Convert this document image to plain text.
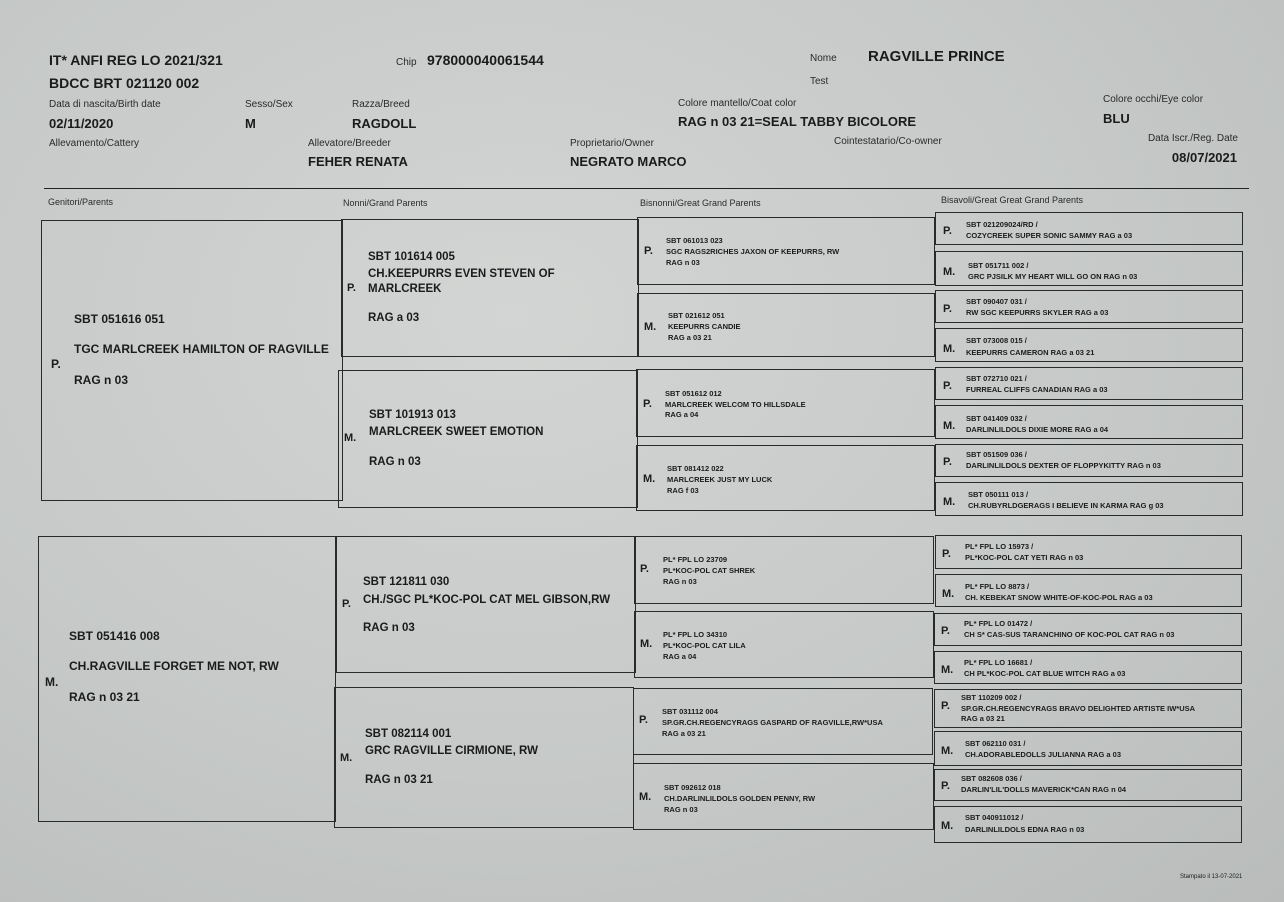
IT* ANFI REG LO 2021/321
BDCC BRT 021120 002
Chip 978000040061544	Nome RAGVILLE PRINCE
Test
Data di nascita/Birth date
02/11/2020
Sesso/Sex
M
Razza/Breed
RAGDOLL
Colore mantello/Coat color
RAG n 03 21=SEAL TABBY BICOLORE
Colore occhi/Eye color
BLU
Allevamento/Cattery	Allevatore/Breeder
FEHER RENATA
Proprietario/Owner
NEGRATO MARCO
Cointestatario/Co-owner	Data Iscr./Reg. Date
08/07/2021
Genitori/Parents	Nonni/Grand Parents	Bisnonni/Great Grand Parents	Bisavoli/Great Great Grand Parents
SBT 051616 051
TGC MARLCREEK HAMILTON OF RAGVILLE
P.
RAG n 03
SBT 051416 008
CH.RAGVILLE FORGET ME NOT, RW
M.
RAG n 03 21
SBT 101614 005
CH.KEEPURRS EVEN STEVEN OF
P. MARLCREEK
RAG a 03
SBT 101913 013
MARLCREEK SWEET EMOTION
M.
RAG n 03
SBT 121811 030
CH./SGC PL*KOC-POL CAT MEL GIBSON,RW
P.
RAG n 03
SBT 082114 001
GRC RAGVILLE CIRMIONE, RW
M.
RAG n 03 21
P.
SBT 061013 023
SGC RAGS2RICHES JAXON OF KEEPURRS, RW
RAG n 03
M.
SBT 021612 051
KEEPURRS CANDIE
RAG a 03 21
P.
SBT 051612 012
MARLCREEK WELCOM TO HILLSDALE
RAG a 04
M.
SBT 081412 022
MARLCREEK JUST MY LUCK
RAG f 03
P.
PL* FPL LO 23709
PL*KOC-POL CAT SHREK
RAG n 03
M.
PL* FPL LO 34310
PL*KOC-POL CAT LILA
RAG a 04
P.
SBT 031112 004
SP.GR.CH.REGENCYRAGS GASPARD OF RAGVILLE,RW*USA
RAG a 03 21
M.
SBT 092612 018
CH.DARLINLILDOLS GOLDEN PENNY, RW
RAG n 03
P.
SBT 021209024/RD /
COZYCREEK SUPER SONIC SAMMY RAG a 03
M.
SBT 051711 002 /
GRC PJSILK MY HEART WILL GO ON RAG n 03
P.
SBT 090407 031 /
RW SGC KEEPURRS SKYLER RAG a 03
M.
SBT 073008 015 /
KEEPURRS CAMERON RAG a 03 21
P.
SBT 072710 021 /
FURREAL CLIFFS CANADIAN RAG a 03
M.
SBT 041409 032 /
DARLINLILDOLS DIXIE MORE RAG a 04
P.
SBT 051509 036 /
DARLINLILDOLS DEXTER OF FLOPPYKITTY RAG n 03
M.
SBT 050111 013 /
CH.RUBYRLDGERAGS I BELIEVE IN KARMA RAG g 03
P.
PL* FPL LO 15973 /
PL*KOC-POL CAT YETI RAG n 03
M.
PL* FPL LO 8873 /
CH. KEBEKAT SNOW WHITE-OF-KOC-POL RAG a 03
P.
PL* FPL LO 01472 /
CH S* CAS-SUS TARANCHINO OF KOC-POL CAT RAG n 03
M.
PL* FPL LO 16681 /
CH PL*KOC-POL CAT BLUE WITCH RAG a 03
P.
SBT 110209 002 /
SP.GR.CH.REGENCYRAGS BRAVO DELIGHTED ARTISTE IW*USA
RAG a 03 21
M.
SBT 062110 031 /
CH.ADORABLEDOLLS JULIANNA RAG a 03
P.
SBT 082608 036 /
DARLIN'LIL'DOLLS MAVERICK*CAN RAG n 04
M.
SBT 040911012 /
DARLINLILDOLS EDNA RAG n 03
Stampato il 13-07-2021
